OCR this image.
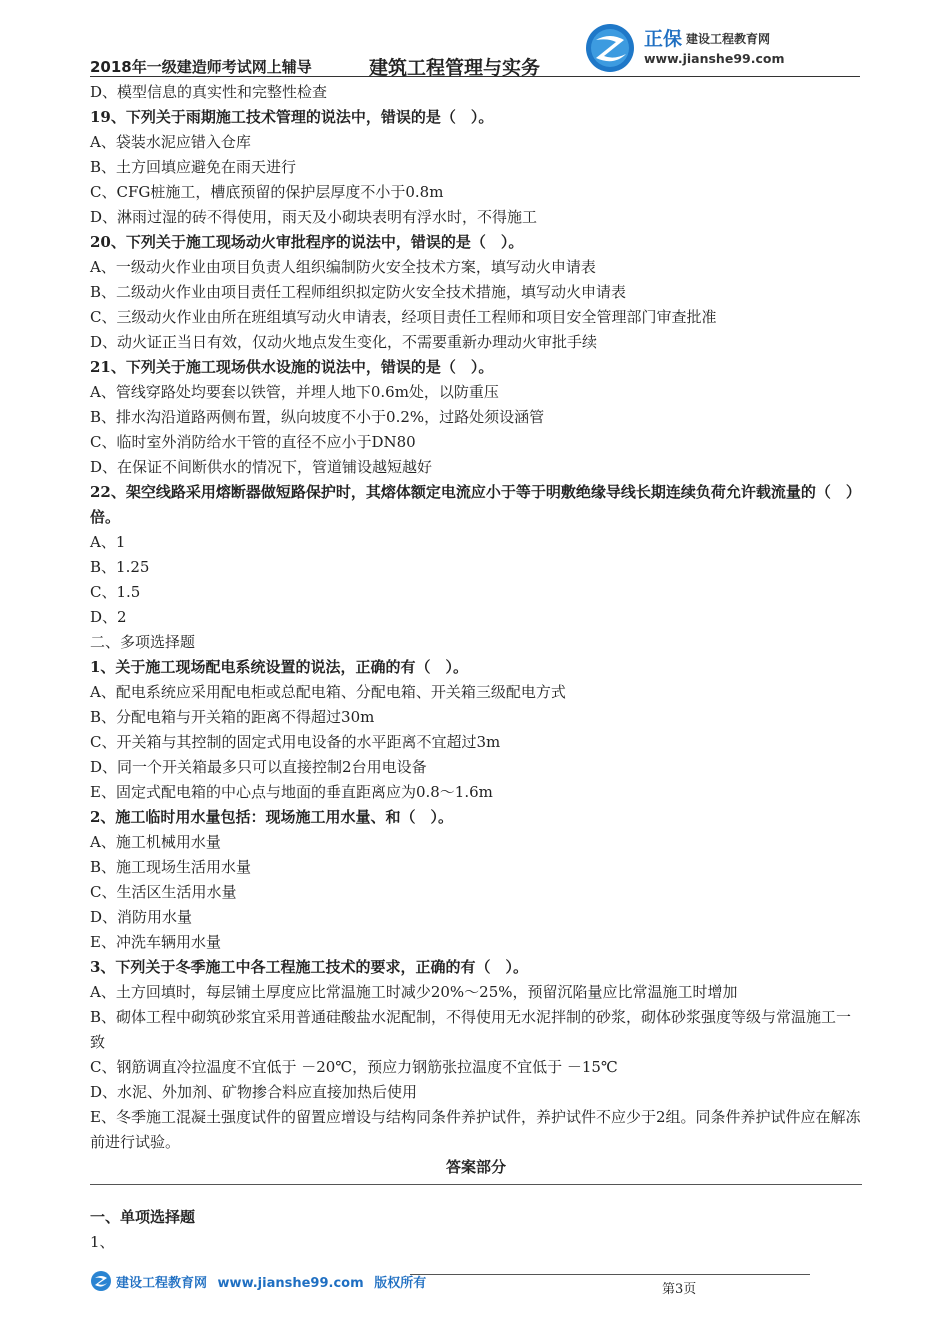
2018年一级建造师考试网上辅导	建筑工程管理与实务
正保 建设工程教育网
www.jianshe99.com
D、模型信息的真实性和完整性检查
19、下列关于雨期施工技术管理的说法中，错误的是（　）。
A、袋装水泥应错入仓库
B、土方回填应避免在雨天进行
C、CFG桩施工，槽底预留的保护层厚度不小于0.8m
D、淋雨过湿的砖不得使用，雨天及小砌块表明有浮水时，不得施工
20、下列关于施工现场动火审批程序的说法中，错误的是（　）。
A、一级动火作业由项目负责人组织编制防火安全技术方案，填写动火申请表
B、二级动火作业由项目责任工程师组织拟定防火安全技术措施，填写动火申请表
C、三级动火作业由所在班组填写动火申请表，经项目责任工程师和项目安全管理部门审查批准
D、动火证正当日有效，仅动火地点发生变化，不需要重新办理动火审批手续
21、下列关于施工现场供水设施的说法中，错误的是（　）。
A、管线穿路处均要套以铁管，并埋人地下0.6m处，以防重压
B、排水沟沿道路两侧布置，纵向坡度不小于0.2%，过路处须设涵管
C、临时室外消防给水干管的直径不应小于DN80
D、在保证不间断供水的情况下，管道铺设越短越好
22、架空线路采用熔断器做短路保护时，其熔体额定电流应小于等于明敷绝缘导线长期连续负荷允许载流量的（　）倍。
A、1
B、1.25
C、1.5
D、2
二、多项选择题
1、关于施工现场配电系统设置的说法，正确的有（　）。
A、配电系统应采用配电柜或总配电箱、分配电箱、开关箱三级配电方式
B、分配电箱与开关箱的距离不得超过30m
C、开关箱与其控制的固定式用电设备的水平距离不宜超过3m
D、同一个开关箱最多只可以直接控制2台用电设备
E、固定式配电箱的中心点与地面的垂直距离应为0.8～1.6m
2、施工临时用水量包括：现场施工用水量、和（　）。
A、施工机械用水量
B、施工现场生活用水量
C、生活区生活用水量
D、消防用水量
E、冲洗车辆用水量
3、下列关于冬季施工中各工程施工技术的要求，正确的有（　）。
A、土方回填时，每层铺土厚度应比常温施工时减少20%～25%，预留沉陷量应比常温施工时增加
B、砌体工程中砌筑砂浆宜采用普通硅酸盐水泥配制，不得使用无水泥拌制的砂浆，砌体砂浆强度等级与常温施工一致
C、钢筋调直冷拉温度不宜低于 －20℃，预应力钢筋张拉温度不宜低于 －15℃
D、水泥、外加剂、矿物掺合料应直接加热后使用
E、冬季施工混凝土强度试件的留置应增设与结构同条件养护试件，养护试件不应少于2组。同条件养护试件应在解冻前进行试验。
答案部分
一、单项选择题
1、
建设工程教育网 www.jianshe99.com 版权所有	第3页
